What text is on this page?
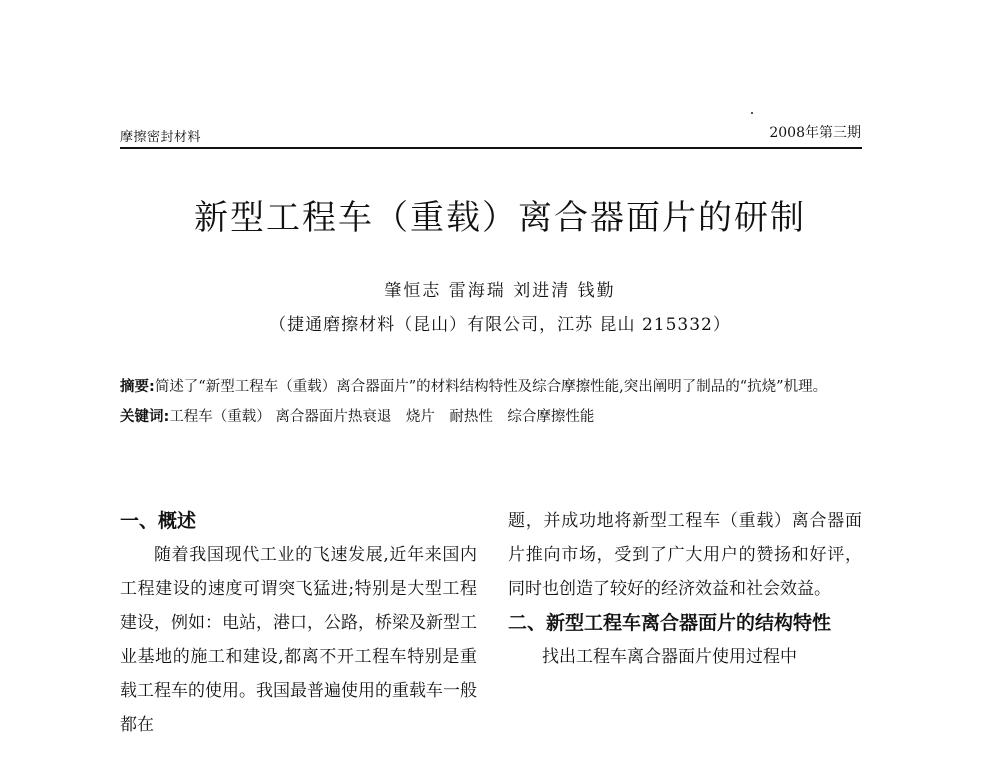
摩擦密封材料	2008年第三期
新型工程车（重载）离合器面片的研制
肇恒志 雷海瑞 刘进清 钱勤
（捷通磨擦材料（昆山）有限公司，江苏 昆山 215332）

摘要:简述了“新型工程车（重载）离合器面片”的材料结构特性及综合摩擦性能,突出阐明了制品的“抗烧”机理。

关键词:工程车（重载） 离合器面片热衰退　烧片　耐热性　综合摩擦性能

一、概述

随着我国现代工业的飞速发展,近年来国内工程建设的速度可谓突飞猛进;特别是大型工程建设，例如：电站，港口，公路，桥梁及新型工业基地的施工和建设,都离不开工程车特别是重载工程车的使用。我国最普遍使用的重载车一般都在

题，并成功地将新型工程车（重载）离合器面片推向市场，受到了广大用户的赞扬和好评，同时也创造了较好的经济效益和社会效益。

二、新型工程车离合器面片的结构特性

找出工程车离合器面片使用过程中
